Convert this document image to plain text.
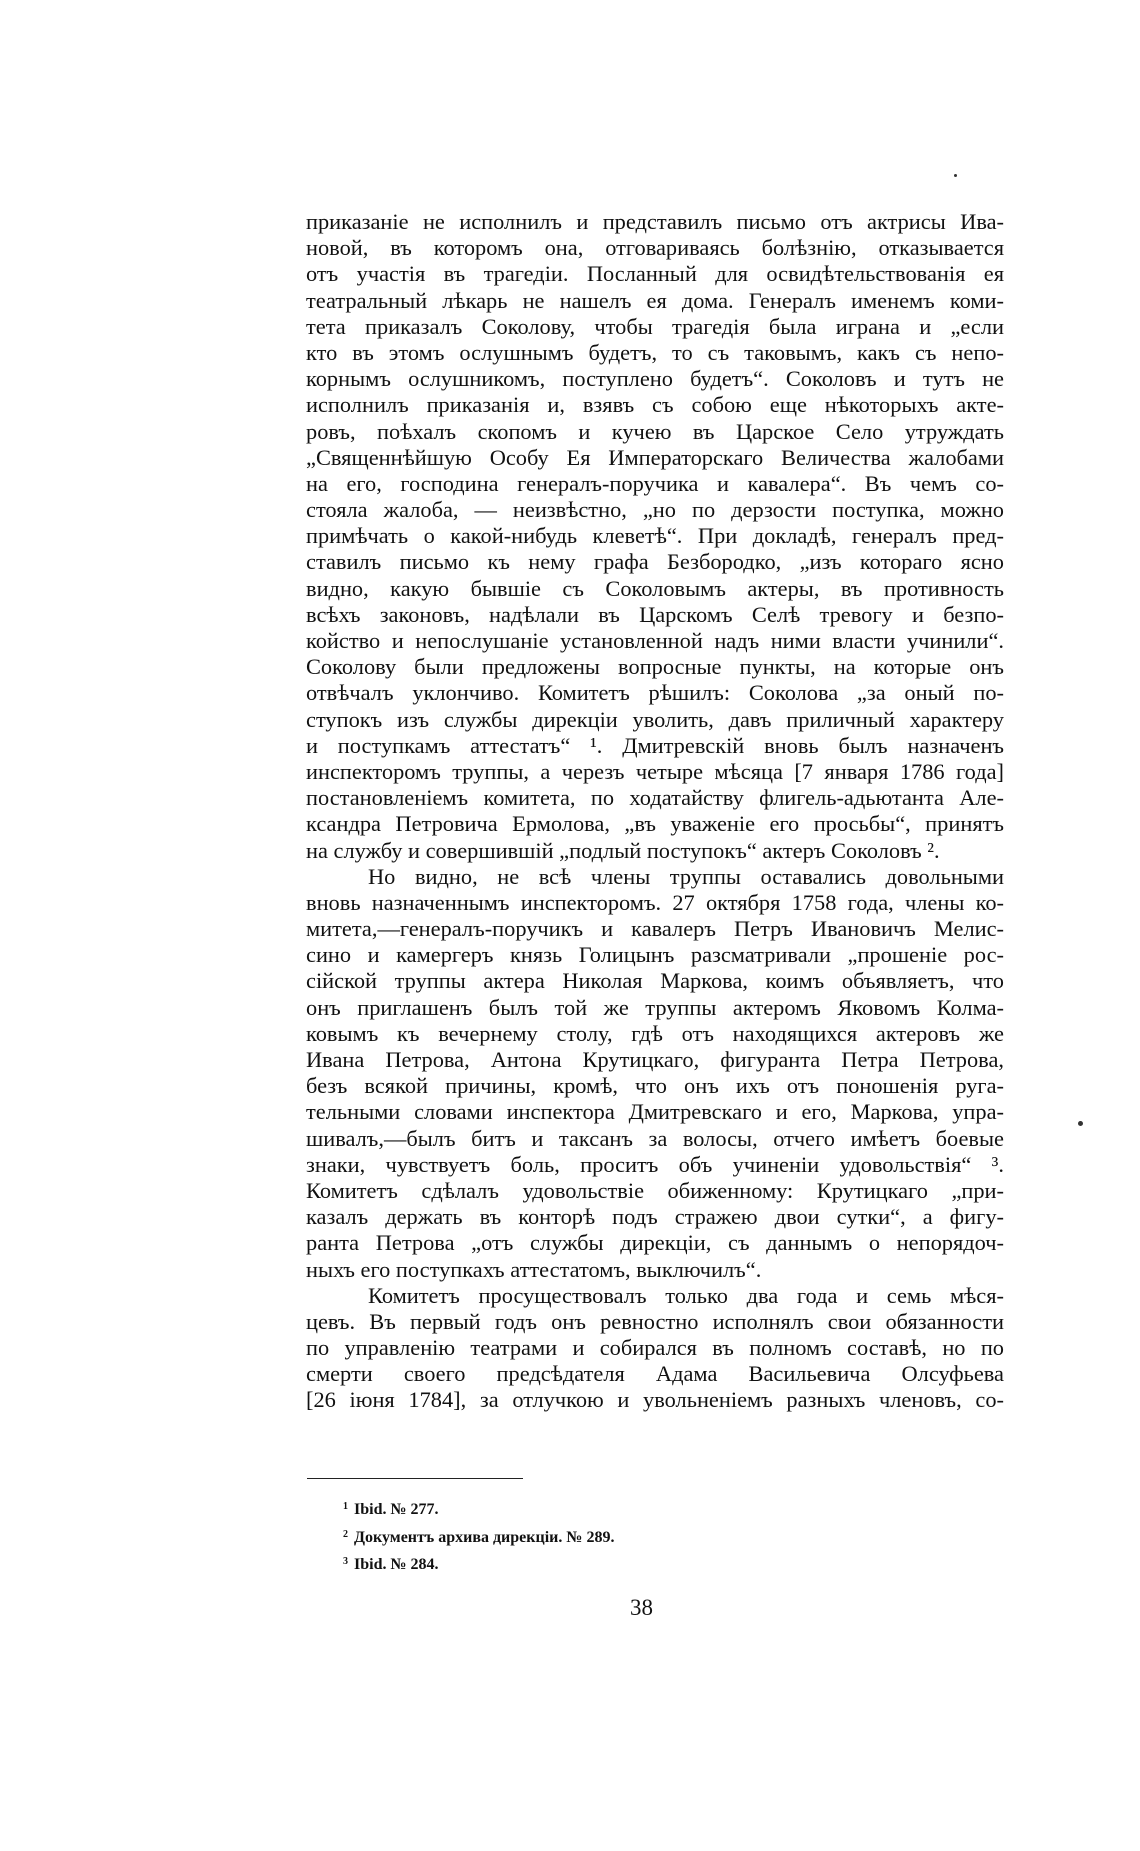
приказаніе не исполнилъ и представилъ письмо отъ актрисы Ива-
новой, въ которомъ она, отговариваясь болѣзнію, отказывается
отъ участія въ трагедіи. Посланный для освидѣтельствованія ея
театральный лѣкарь не нашелъ ея дома. Генералъ именемъ коми-
тета приказалъ Соколову, чтобы трагедія была играна и „если
кто въ этомъ ослушнымъ будетъ, то съ таковымъ, какъ съ непо-
корнымъ ослушникомъ, поступлено будетъ“. Соколовъ и тутъ не
исполнилъ приказанія и, взявъ съ собою еще нѣкоторыхъ акте-
ровъ, поѣхалъ скопомъ и кучею въ Царское Село утруждать
„Священнѣйшую Особу Ея Императорскаго Величества жалобами
на его, господина генералъ-поручика и кавалера“. Въ чемъ со-
стояла жалоба, — неизвѣстно, „но по дерзости поступка, можно
примѣчать о какой-нибудь клеветѣ“. При докладѣ, генералъ пред-
ставилъ письмо къ нему графа Безбородко, „изъ котораго ясно
видно, какую бывшіе съ Соколовымъ актеры, въ противность
всѣхъ законовъ, надѣлали въ Царскомъ Селѣ тревогу и безпо-
койство и непослушаніе установленной надъ ними власти учинили“.
Соколову были предложены вопросные пункты, на которые онъ
отвѣчалъ уклончиво. Комитетъ рѣшилъ: Соколова „за оный по-
ступокъ изъ службы дирекціи уволить, давъ приличный характеру
и поступкамъ аттестатъ“ ¹. Дмитревскій вновь былъ назначенъ
инспекторомъ труппы, а черезъ четыре мѣсяца [7 января 1786 года]
постановленіемъ комитета, по ходатайству флигель-адьютанта Але-
ксандра Петровича Ермолова, „въ уваженіе его просьбы“, принятъ
на службу и совершившій „подлый поступокъ“ актеръ Соколовъ ².
Но видно, не всѣ члены труппы оставались довольными
вновь назначеннымъ инспекторомъ. 27 октября 1758 года, члены ко-
митета,—генералъ-поручикъ и кавалеръ Петръ Ивановичъ Мелис-
сино и камергеръ князь Голицынъ разсматривали „прошеніе рос-
сійской труппы актера Николая Маркова, коимъ объявляетъ, что
онъ приглашенъ былъ той же труппы актеромъ Яковомъ Колма-
ковымъ къ вечернему столу, гдѣ отъ находящихся актеровъ же
Ивана Петрова, Антона Крутицкаго, фигуранта Петра Петрова,
безъ всякой причины, кромѣ, что онъ ихъ отъ поношенія руга-
тельными словами инспектора Дмитревскаго и его, Маркова, упра-
шивалъ,—былъ битъ и таксанъ за волосы, отчего имѣетъ боевые
знаки, чувствуетъ боль, проситъ объ учиненіи удовольствія“ ³.
Комитетъ сдѣлалъ удовольствіе обиженному: Крутицкаго „при-
казалъ держать въ конторѣ подъ стражею двои сутки“, а фигу-
ранта Петрова „отъ службы дирекціи, съ даннымъ о непорядоч-
ныхъ его поступкахъ аттестатомъ, выключилъ“.
Комитетъ просуществовалъ только два года и семь мѣся-
цевъ. Въ первый годъ онъ ревностно исполнялъ свои обязанности
по управленію театрами и собирался въ полномъ составѣ, но по
смерти своего предсѣдателя Адама Васильевича Олсуфьева
[26 іюня 1784], за отлучкою и увольненіемъ разныхъ членовъ, со-
$^1$ Ibid. № 277.
$^2$ Документъ архива дирекціи. № 289.
$^3$ Ibid. № 284.
38
